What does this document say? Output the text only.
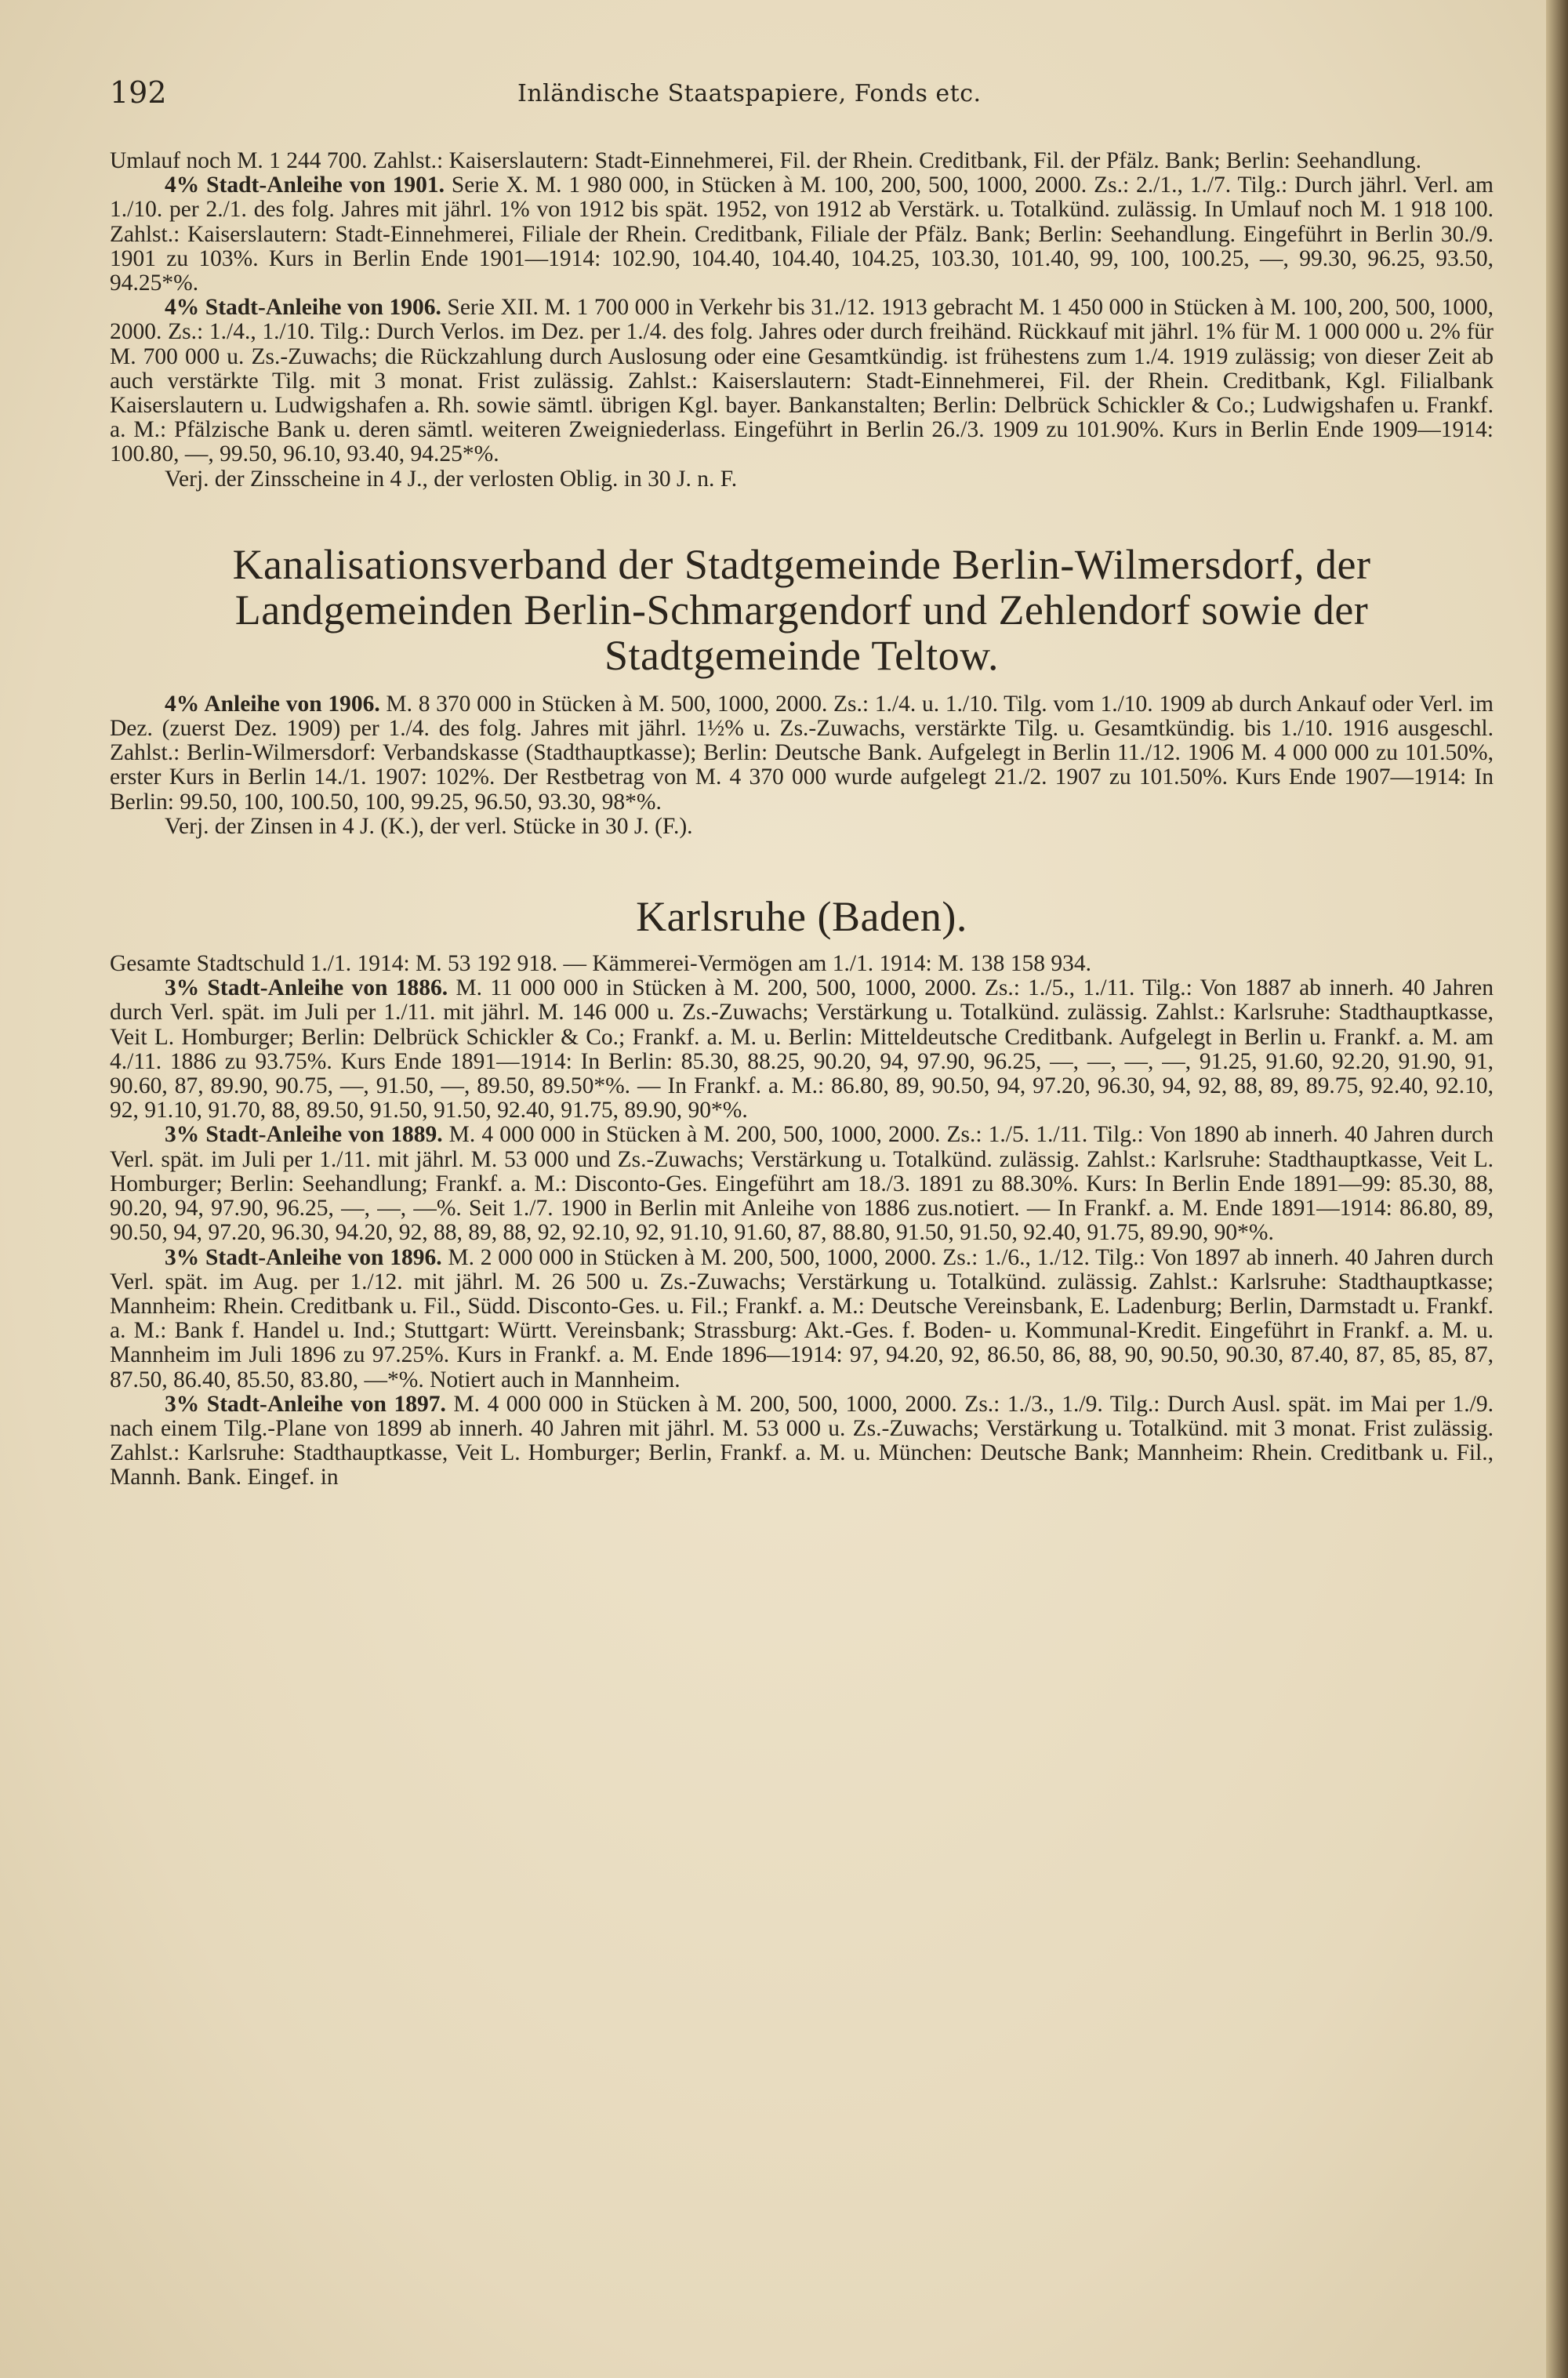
192	Inländische Staatspapiere, Fonds etc.

Umlauf noch M. 1 244 700. Zahlst.: Kaiserslautern: Stadt-Einnehmerei, Fil. der Rhein. Creditbank, Fil. der Pfälz. Bank; Berlin: Seehandlung.

4% Stadt-Anleihe von 1901. Serie X. M. 1 980 000, in Stücken à M. 100, 200, 500, 1000, 2000. Zs.: 2./1., 1./7. Tilg.: Durch jährl. Verl. am 1./10. per 2./1. des folg. Jahres mit jährl. 1% von 1912 bis spät. 1952, von 1912 ab Verstärk. u. Totalkünd. zulässig. In Umlauf noch M. 1 918 100. Zahlst.: Kaiserslautern: Stadt-Einnehmerei, Filiale der Rhein. Creditbank, Filiale der Pfälz. Bank; Berlin: Seehandlung. Eingeführt in Berlin 30./9. 1901 zu 103%. Kurs in Berlin Ende 1901—1914: 102.90, 104.40, 104.40, 104.25, 103.30, 101.40, 99, 100, 100.25, —, 99.30, 96.25, 93.50, 94.25*%.

4% Stadt-Anleihe von 1906. Serie XII. M. 1 700 000 in Verkehr bis 31./12. 1913 gebracht M. 1 450 000 in Stücken à M. 100, 200, 500, 1000, 2000. Zs.: 1./4., 1./10. Tilg.: Durch Verlos. im Dez. per 1./4. des folg. Jahres oder durch freihänd. Rückkauf mit jährl. 1% für M. 1 000 000 u. 2% für M. 700 000 u. Zs.-Zuwachs; die Rückzahlung durch Auslosung oder eine Gesamtkündig. ist frühestens zum 1./4. 1919 zulässig; von dieser Zeit ab auch verstärkte Tilg. mit 3 monat. Frist zulässig. Zahlst.: Kaiserslautern: Stadt-Einnehmerei, Fil. der Rhein. Creditbank, Kgl. Filialbank Kaiserslautern u. Ludwigshafen a. Rh. sowie sämtl. übrigen Kgl. bayer. Bankanstalten; Berlin: Delbrück Schickler & Co.; Ludwigshafen u. Frankf. a. M.: Pfälzische Bank u. deren sämtl. weiteren Zweigniederlass. Eingeführt in Berlin 26./3. 1909 zu 101.90%. Kurs in Berlin Ende 1909—1914: 100.80, —, 99.50, 96.10, 93.40, 94.25*%.

Verj. der Zinsscheine in 4 J., der verlosten Oblig. in 30 J. n. F.

Kanalisationsverband der Stadtgemeinde Berlin-Wilmersdorf, der Landgemeinden Berlin-Schmargendorf und Zehlendorf sowie der Stadtgemeinde Teltow.

4% Anleihe von 1906. M. 8 370 000 in Stücken à M. 500, 1000, 2000. Zs.: 1./4. u. 1./10. Tilg. vom 1./10. 1909 ab durch Ankauf oder Verl. im Dez. (zuerst Dez. 1909) per 1./4. des folg. Jahres mit jährl. 1½% u. Zs.-Zuwachs, verstärkte Tilg. u. Gesamtkündig. bis 1./10. 1916 ausgeschl. Zahlst.: Berlin-Wilmersdorf: Verbandskasse (Stadthauptkasse); Berlin: Deutsche Bank. Aufgelegt in Berlin 11./12. 1906 M. 4 000 000 zu 101.50%, erster Kurs in Berlin 14./1. 1907: 102%. Der Restbetrag von M. 4 370 000 wurde aufgelegt 21./2. 1907 zu 101.50%. Kurs Ende 1907—1914: In Berlin: 99.50, 100, 100.50, 100, 99.25, 96.50, 93.30, 98*%.

Verj. der Zinsen in 4 J. (K.), der verl. Stücke in 30 J. (F.).

Karlsruhe (Baden).

Gesamte Stadtschuld 1./1. 1914: M. 53 192 918. — Kämmerei-Vermögen am 1./1. 1914: M. 138 158 934.

3% Stadt-Anleihe von 1886. M. 11 000 000 in Stücken à M. 200, 500, 1000, 2000. Zs.: 1./5., 1./11. Tilg.: Von 1887 ab innerh. 40 Jahren durch Verl. spät. im Juli per 1./11. mit jährl. M. 146 000 u. Zs.-Zuwachs; Verstärkung u. Totalkünd. zulässig. Zahlst.: Karlsruhe: Stadthauptkasse, Veit L. Homburger; Berlin: Delbrück Schickler & Co.; Frankf. a. M. u. Berlin: Mitteldeutsche Creditbank. Aufgelegt in Berlin u. Frankf. a. M. am 4./11. 1886 zu 93.75%. Kurs Ende 1891—1914: In Berlin: 85.30, 88.25, 90.20, 94, 97.90, 96.25, —, —, —, —, 91.25, 91.60, 92.20, 91.90, 91, 90.60, 87, 89.90, 90.75, —, 91.50, —, 89.50, 89.50*%. — In Frankf. a. M.: 86.80, 89, 90.50, 94, 97.20, 96.30, 94, 92, 88, 89, 89.75, 92.40, 92.10, 92, 91.10, 91.70, 88, 89.50, 91.50, 91.50, 92.40, 91.75, 89.90, 90*%.

3% Stadt-Anleihe von 1889. M. 4 000 000 in Stücken à M. 200, 500, 1000, 2000. Zs.: 1./5. 1./11. Tilg.: Von 1890 ab innerh. 40 Jahren durch Verl. spät. im Juli per 1./11. mit jährl. M. 53 000 und Zs.-Zuwachs; Verstärkung u. Totalkünd. zulässig. Zahlst.: Karlsruhe: Stadthauptkasse, Veit L. Homburger; Berlin: Seehandlung; Frankf. a. M.: Disconto-Ges. Eingeführt am 18./3. 1891 zu 88.30%. Kurs: In Berlin Ende 1891—99: 85.30, 88, 90.20, 94, 97.90, 96.25, —, —, —%. Seit 1./7. 1900 in Berlin mit Anleihe von 1886 zus.notiert. — In Frankf. a. M. Ende 1891—1914: 86.80, 89, 90.50, 94, 97.20, 96.30, 94.20, 92, 88, 89, 88, 92, 92.10, 92, 91.10, 91.60, 87, 88.80, 91.50, 91.50, 92.40, 91.75, 89.90, 90*%.

3% Stadt-Anleihe von 1896. M. 2 000 000 in Stücken à M. 200, 500, 1000, 2000. Zs.: 1./6., 1./12. Tilg.: Von 1897 ab innerh. 40 Jahren durch Verl. spät. im Aug. per 1./12. mit jährl. M. 26 500 u. Zs.-Zuwachs; Verstärkung u. Totalkünd. zulässig. Zahlst.: Karlsruhe: Stadthauptkasse; Mannheim: Rhein. Creditbank u. Fil., Südd. Disconto-Ges. u. Fil.; Frankf. a. M.: Deutsche Vereinsbank, E. Ladenburg; Berlin, Darmstadt u. Frankf. a. M.: Bank f. Handel u. Ind.; Stuttgart: Württ. Vereinsbank; Strassburg: Akt.-Ges. f. Boden- u. Kommunal-Kredit. Eingeführt in Frankf. a. M. u. Mannheim im Juli 1896 zu 97.25%. Kurs in Frankf. a. M. Ende 1896—1914: 97, 94.20, 92, 86.50, 86, 88, 90, 90.50, 90.30, 87.40, 87, 85, 85, 87, 87.50, 86.40, 85.50, 83.80, —*%. Notiert auch in Mannheim.

3% Stadt-Anleihe von 1897. M. 4 000 000 in Stücken à M. 200, 500, 1000, 2000. Zs.: 1./3., 1./9. Tilg.: Durch Ausl. spät. im Mai per 1./9. nach einem Tilg.-Plane von 1899 ab innerh. 40 Jahren mit jährl. M. 53 000 u. Zs.-Zuwachs; Verstärkung u. Totalkünd. mit 3 monat. Frist zulässig. Zahlst.: Karlsruhe: Stadthauptkasse, Veit L. Homburger; Berlin, Frankf. a. M. u. München: Deutsche Bank; Mannheim: Rhein. Creditbank u. Fil., Mannh. Bank. Eingef. in
